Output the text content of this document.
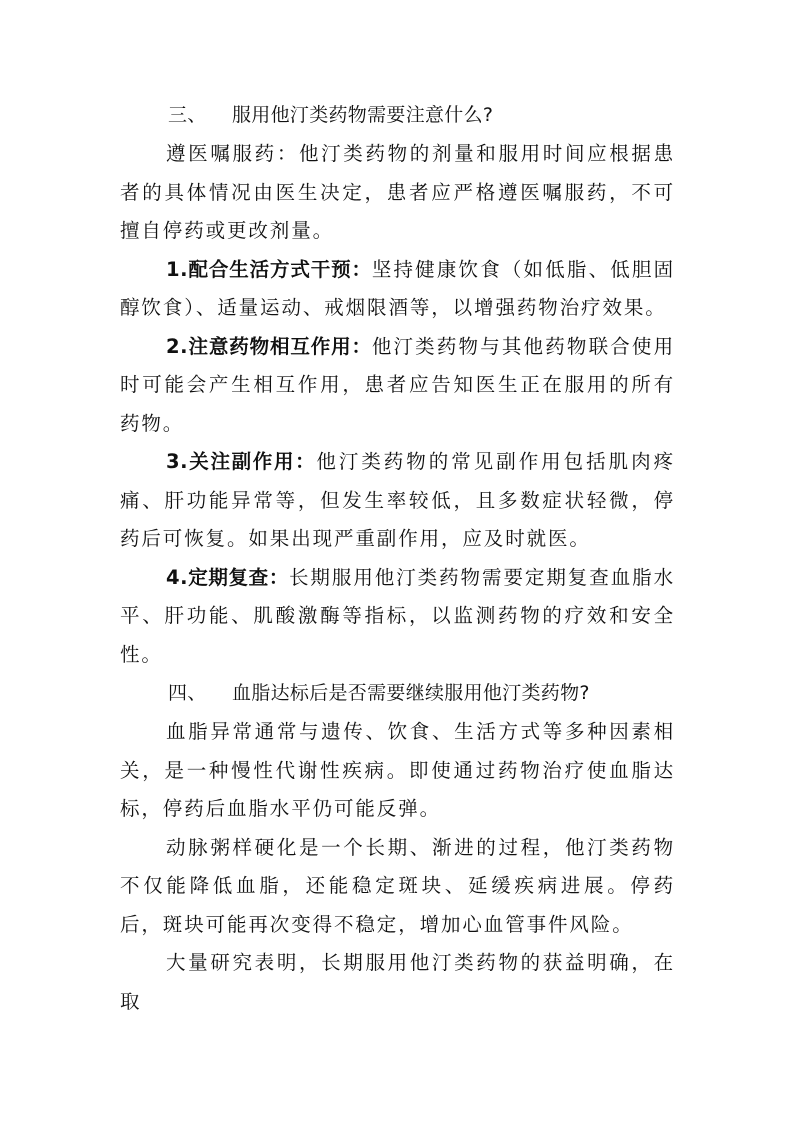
三、 服用他汀类药物需要注意什么?

遵医嘱服药：他汀类药物的剂量和服用时间应根据患者的具体情况由医生决定，患者应严格遵医嘱服药，不可擅自停药或更改剂量。

1.配合生活方式干预：坚持健康饮食（如低脂、低胆固醇饮食）、适量运动、戒烟限酒等，以增强药物治疗效果。

2.注意药物相互作用：他汀类药物与其他药物联合使用时可能会产生相互作用，患者应告知医生正在服用的所有药物。

3.关注副作用：他汀类药物的常见副作用包括肌肉疼痛、肝功能异常等，但发生率较低，且多数症状轻微，停药后可恢复。如果出现严重副作用，应及时就医。

4.定期复查：长期服用他汀类药物需要定期复查血脂水平、肝功能、肌酸激酶等指标，以监测药物的疗效和安全性。

四、 血脂达标后是否需要继续服用他汀类药物?

血脂异常通常与遗传、饮食、生活方式等多种因素相关，是一种慢性代谢性疾病。即使通过药物治疗使血脂达标，停药后血脂水平仍可能反弹。

动脉粥样硬化是一个长期、渐进的过程，他汀类药物不仅能降低血脂，还能稳定斑块、延缓疾病进展。停药后，斑块可能再次变得不稳定，增加心血管事件风险。

大量研究表明，长期服用他汀类药物的获益明确，在取
